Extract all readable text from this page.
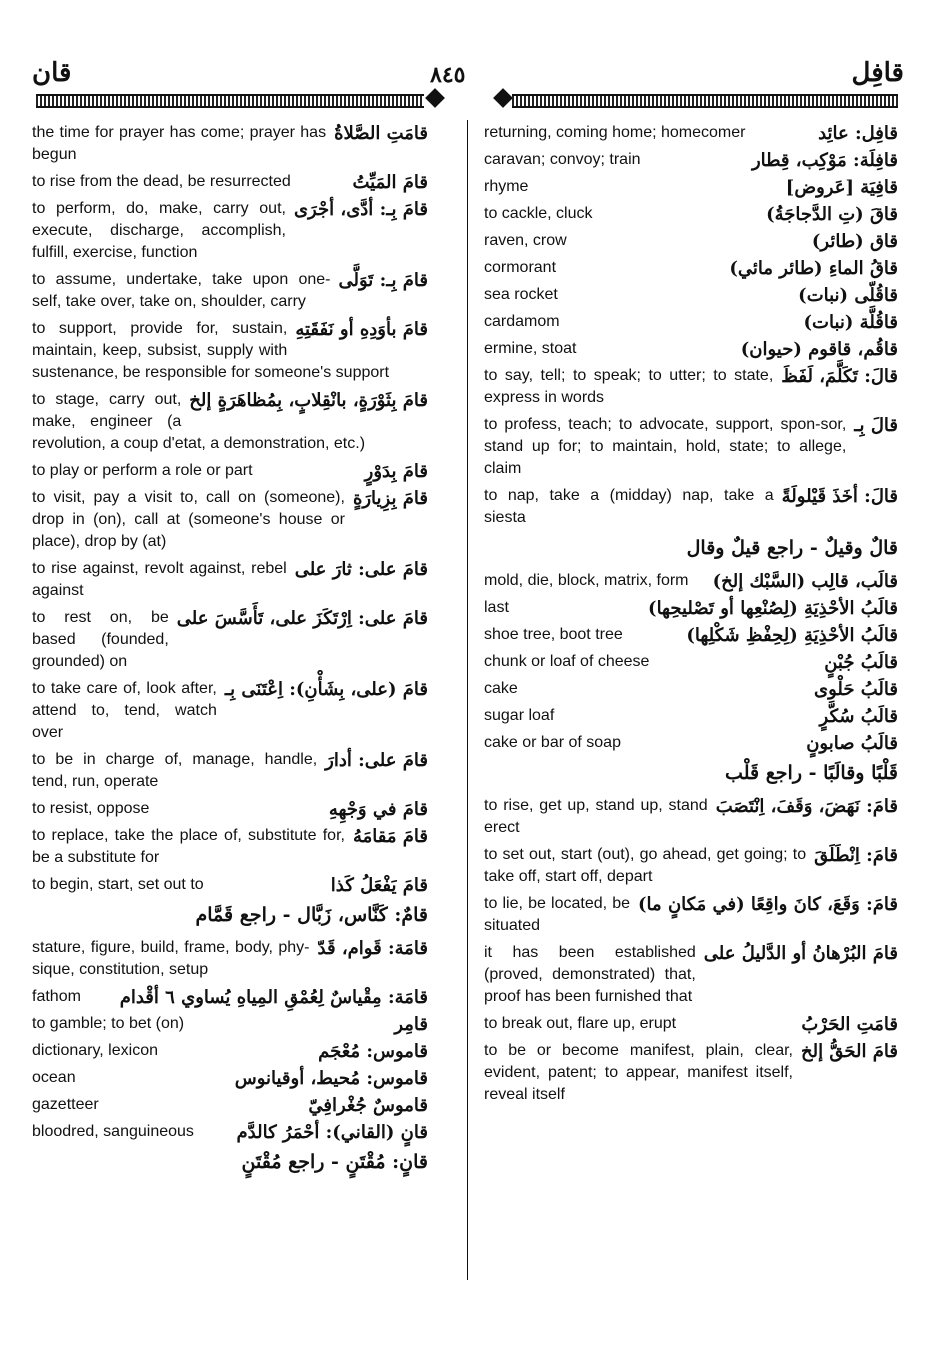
قان	٨٤٥	قافِل
قامَتِ الصَّلاةُ
the time for prayer has come; prayer has begun
قامَ المَيِّتُ
to rise from the dead, be resurrected
قامَ بِـ: أدَّى، أجْرَى
to perform, do, make, carry out, execute, discharge, accomplish, fulfill, exercise, function
قامَ بِـ: تَوَلَّى
to assume, undertake, take upon one-self, take over, take on, shoulder, carry
قامَ بأوَدِهِ أو نَفَقَتِهِ
to support, provide for, sustain, maintain, keep, subsist, supply with sustenance, be responsible for someone's support
قامَ بِثَوْرَةٍ، بانْقِلابٍ، بِمُظاهَرَةٍ إلخ
to stage, carry out, make, engineer (a revolution, a coup d'etat, a demonstration, etc.)
قامَ بِدَوْرٍ
to play or perform a role or part
قامَ بِزِيارَةٍ
to visit, pay a visit to, call on (someone), drop in (on), call at (someone's house or place), drop by (at)
قامَ على: ثارَ على
to rise against, revolt against, rebel against
قامَ على: اِرْتَكَزَ على، تَأَسَّسَ على
to rest on, be based (founded, grounded) on
قامَ (على، بِشَأْنِ): اِعْتَنَى بِـ
to take care of, look after, attend to, tend, watch over
قامَ على: أدارَ
to be in charge of, manage, handle, tend, run, operate
قامَ في وَجْهِهِ
to resist, oppose
قامَ مَقامَهُ
to replace, take the place of, substitute for, be a substitute for
قامَ يَفْعَلُ كَذا
to begin, start, set out to
قامٌ: كَنَّاس، زَبَّال - راجع قَمَّام
قامَة: قَوام، قَدّ
stature, figure, build, frame, body, phy-sique, constitution, setup
قامَة: مِقْياسٌ لِعُمْقِ المِياهِ يُساوي ٦ أقْدام
fathom
قامِر
to gamble; to bet (on)
قاموس: مُعْجَم
dictionary, lexicon
قاموس: مُحيط، أوقيانوس
ocean
قاموسٌ جُغْرافِيّ
gazetteer
قانٍ (القاني): أحْمَرُ كالدَّم
bloodred, sanguineous
قانٍ: مُقْتَنٍ - راجع مُقْتَنٍ
قافِل: عائِد
returning, coming home; homecomer
قافِلَة: مَوْكِب، قِطار
caravan; convoy; train
قافِيَة [عَروض]
rhyme
قاقَ (تِ الدَّجاجَةُ)
to cackle, cluck
قاق (طائر)
raven, crow
قاقُ الماءِ (طائر مائي)
cormorant
قاقُلّى (نبات)
sea rocket
قاقُلَّة (نبات)
cardamom
قاقُم، قاقوم (حيوان)
ermine, stoat
قالَ: تَكَلَّمَ، لَفَظَ
to say, tell; to speak; to utter; to state, express in words
قالَ بِـ
to profess, teach; to advocate, support, spon-sor, stand up for; to maintain, hold, state; to allege, claim
قالَ: أخَذَ قَيْلولَةً
to nap, take a (midday) nap, take a siesta
قالٌ وقيلٌ - راجع قيلٌ وقال
قالَب، قالِب (السَّبْك إلخ)
mold, die, block, matrix, form
قالَبُ الأحْذِيَةِ (لِصُنْعِها أو تَصْليحِها)
last
قالَبُ الأحْذِيَةِ (لِحِفْظِ شَكْلِها)
shoe tree, boot tree
قالَبُ جُبْنٍ
chunk or loaf of cheese
قالَبُ حَلْوى
cake
قالَبُ سُكَّرٍ
sugar loaf
قالَبُ صابونٍ
cake or bar of soap
قَلْبًا وقالَبًا - راجع قَلْب
قامَ: نَهَضَ، وَقَفَ، اِنْتَصَبَ
to rise, get up, stand up, stand erect
قامَ: اِنْطَلَقَ
to set out, start (out), go ahead, get going; to take off, start off, depart
قامَ: وَقَعَ، كانَ واقِعًا (في مَكانٍ ما)
to lie, be located, be situated
قامَ البُرْهانُ أو الدَّليلُ على
it has been established (proved, demonstrated) that, proof has been furnished that
قامَتِ الحَرْبُ
to break out, flare up, erupt
قامَ الحَقُّ إلخ
to be or become manifest, plain, clear, evident, patent; to appear, manifest itself, reveal itself
